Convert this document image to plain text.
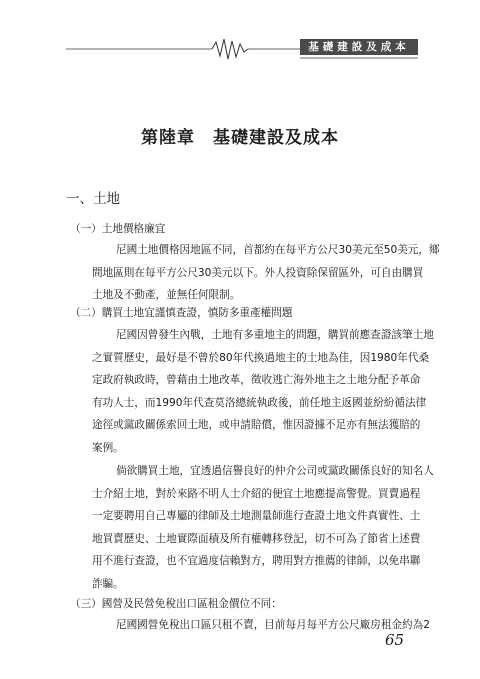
基礎建設及成本
第陸章　基礎建設及成本
一、土地
（一）土地價格廉宜
尼國土地價格因地區不同，首都約在每平方公尺30美元至50美元，鄉
間地區則在每平方公尺30美元以下。外人投資除保留區外，可自由購買
土地及不動產，並無任何限制。
（二）購買土地宜謹慎查證，慎防多重產權問題
尼國因曾發生內戰，土地有多重地主的問題，購買前應查證該筆土地
之實質歷史，最好是不曾於80年代換過地主的土地為佳，因1980年代桑
定政府執政時，曾藉由土地改革，徵收逃亡海外地主之土地分配予革命
有功人士，而1990年代查莫洛總統執政後，前任地主返國並紛紛循法律
途徑或黨政關係索回土地，或申請賠償，惟因證據不足亦有無法獲賠的
案例。
倘欲購買土地，宜透過信譽良好的仲介公司或黨政關係良好的知名人
士介紹土地，對於來路不明人士介紹的便宜土地應提高警覺。買賣過程
一定要聘用自己專屬的律師及土地測量師進行查證土地文件真實性、土
地買賣歷史、土地實際面積及所有權轉移登記，切不可為了節省上述費
用不進行查證，也不宜過度信賴對方，聘用對方推薦的律師，以免串聯
詐騙。
（三）國營及民營免稅出口區租金價位不同：
尼國國營免稅出口區只租不賣，目前每月每平方公尺廠房租金約為2
65
